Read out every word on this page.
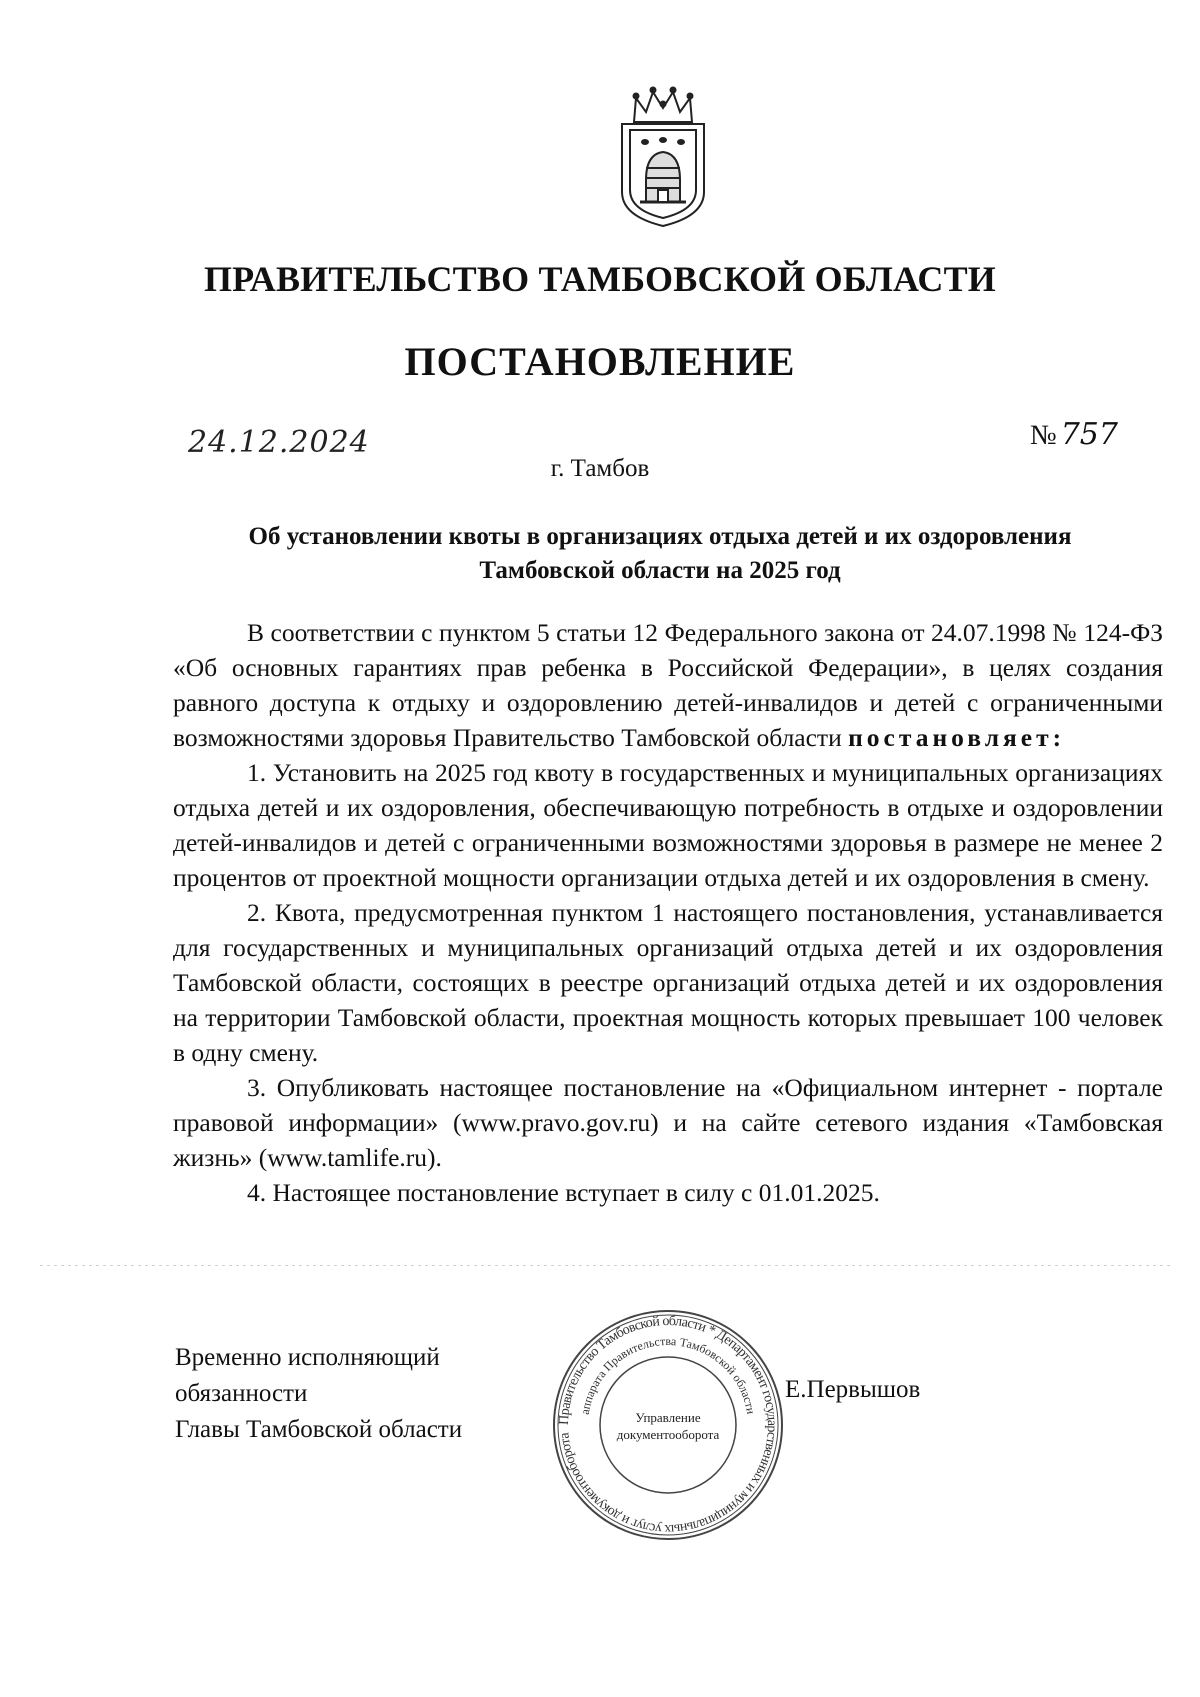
ПРАВИТЕЛЬСТВО ТАМБОВСКОЙ ОБЛАСТИ
ПОСТАНОВЛЕНИЕ
24.12.2024	№ 757
г. Тамбов
Об установлении квоты в организациях отдыха детей и их оздоровления
Тамбовской области на 2025 год

В соответствии с пунктом 5 статьи 12 Федерального закона от 24.07.1998 № 124-ФЗ «Об основных гарантиях прав ребенка в Российской Федерации», в целях создания равного доступа к отдыху и оздоровлению детей-инвалидов и детей с ограниченными возможностями здоровья Правительство Тамбовской области постановляет:

1. Установить на 2025 год квоту в государственных и муниципальных организациях отдыха детей и их оздоровления, обеспечивающую потребность в отдыхе и оздоровлении детей-инвалидов и детей с ограниченными возможностями здоровья в размере не менее 2 процентов от проектной мощности организации отдыха детей и их оздоровления в смену.

2. Квота, предусмотренная пунктом 1 настоящего постановления, устанавливается для государственных и муниципальных организаций отдыха детей и их оздоровления Тамбовской области, состоящих в реестре организаций отдыха детей и их оздоровления на территории Тамбовской области, проектная мощность которых превышает 100 человек в одну смену.

3. Опубликовать настоящее постановление на «Официальном интернет - портале правовой информации» (www.pravo.gov.ru) и на сайте сетевого издания «Тамбовская жизнь» (www.tamlife.ru).

4. Настоящее постановление вступает в силу с 01.01.2025.

Временно исполняющий обязанности
Главы Тамбовской области	Правительство Тамбовской области * Департамент государственных и муниципальных услуг и документооборота
аппарата Правительства Тамбовской области
Управление
документооборота
Е.Первышов
